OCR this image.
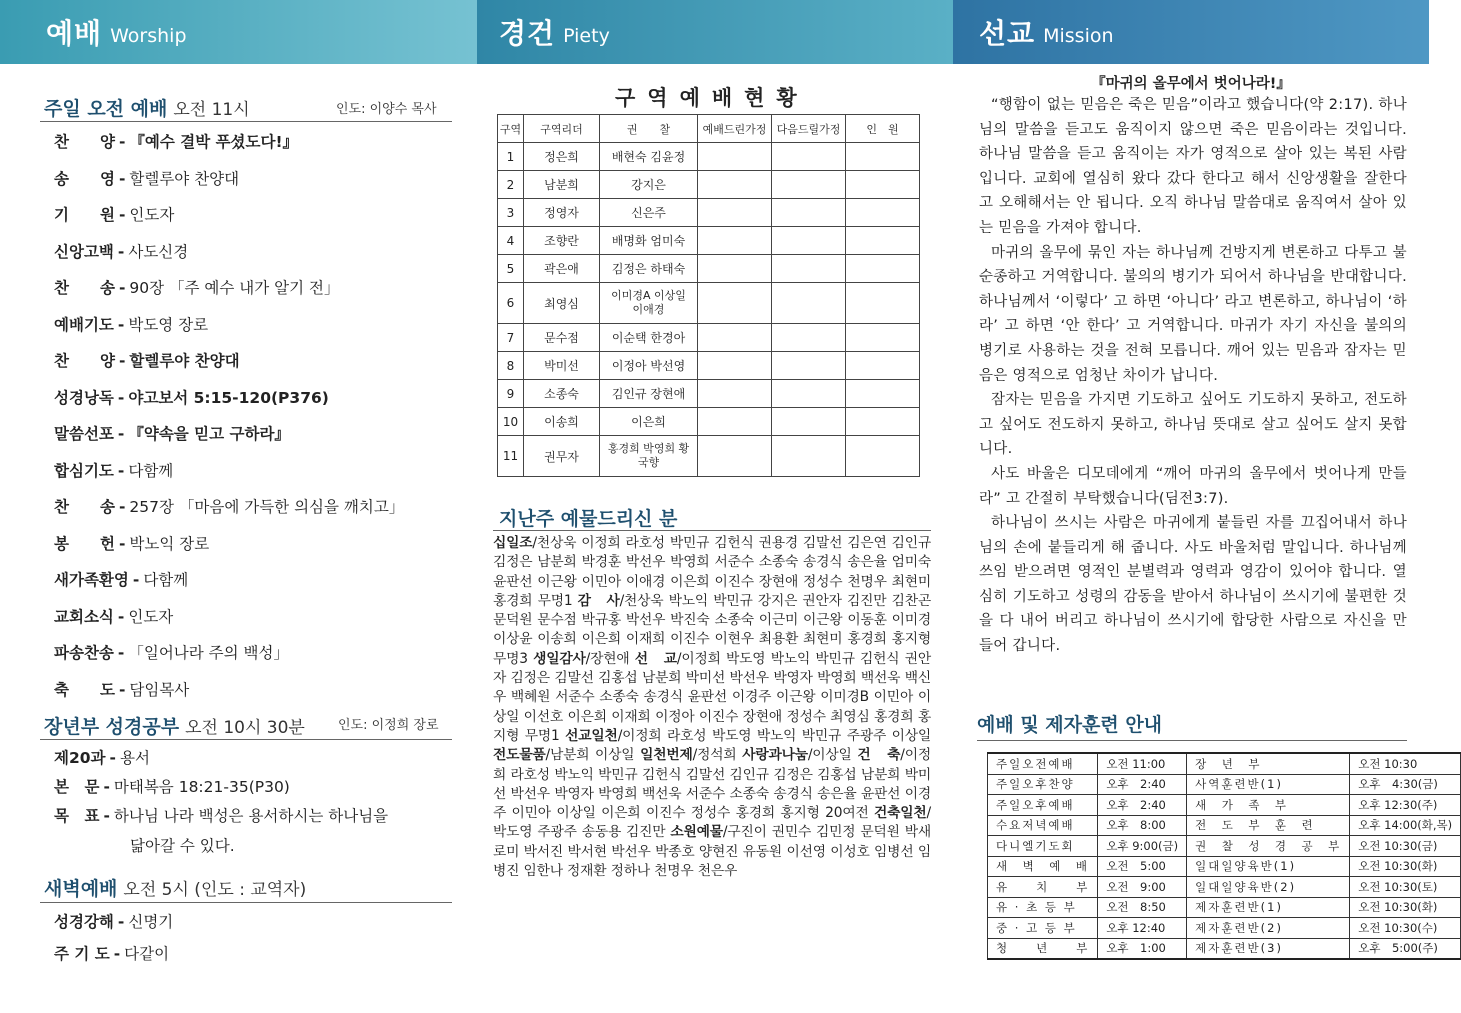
예배 Worship	경건 Piety	선교 Mission
주일 오전 예배 오전 11시	인도: 이양수 목사
찬　　양 - 『예수 결박 푸셨도다!』
송　　영 - 할렐루야 찬양대
기　　원 - 인도자
신앙고백 - 사도신경
찬　　송 - 90장 「주 예수 내가 알기 전」
예배기도 - 박도영 장로
찬　　양 - 할렐루야 찬양대
성경낭독 - 야고보서 5:15-120(P376)
말씀선포 - 『약속을 믿고 구하라』
합심기도 - 다함께
찬　　송 - 257장 「마음에 가득한 의심을 깨치고」
봉　　헌 - 박노익 장로
새가족환영 - 다함께
교회소식 - 인도자
파송찬송 - 「일어나라 주의 백성」
축　　도 - 담임목사
장년부 성경공부 오전 10시 30분	인도: 이정희 장로
제20과 - 용서
본　문 - 마태복음 18:21-35(P30)
목　표 - 하나님 나라 백성은 용서하시는 하나님을
닮아갈 수 있다.
새벽예배 오전 5시 (인도 : 교역자)
성경강해 - 신명기
주 기 도 - 다같이
구역예배현황
구역	구역리더	권　　찰	예배드린가정	다음드릴가정	인　원
1	정은희	배현숙 김윤정			
2	남분희	강지은			
3	정영자	신은주			
4	조향란	배명화 엄미숙			
5	곽은애	김정은 하태숙			
6	최영심	이미경A 이상일 이애경			
7	문수점	이순택 한경아			
8	박미선	이정아 박선영			
9	소종숙	김인규 장현애			
10	이송희	이은희			
11	권무자	홍경희 박영희 황국향			
지난주 예물드리신 분
십일조/천상욱 이정희 라호성 박민규 김헌식 권용경 김말선 김은연 김인규 김정은 남분희 박경훈 박선우 박영희 서준수 소종숙 송경식 송은율 엄미숙 윤판선 이근왕 이민아 이애경 이은희 이진수 장현애 정성수 천명우 최현미 홍경희 무명1 감　사/천상욱 박노익 박민규 강지은 권안자 김진만 김찬곤 문덕원 문수점 박규홍 박선우 박진숙 소종숙 이근미 이근왕 이동훈 이미경 이상윤 이송희 이은희 이재희 이진수 이현우 최용환 최현미 홍경희 홍지형 무명3 생일감사/장현애 선　교/이정희 박도영 박노익 박민규 김헌식 권안자 김정은 김말선 김홍섭 남분희 박미선 박선우 박영자 박영희 백선욱 백신우 백혜원 서준수 소종숙 송경식 윤판선 이경주 이근왕 이미경B 이민아 이상일 이선호 이은희 이재희 이정아 이진수 장현애 정성수 최영심 홍경희 홍지형 무명1 선교일천/이정희 라호성 박도영 박노익 박민규 주광주 이상일 전도물품/남분희 이상일 일천번제/정석희 사랑과나눔/이상일 건　축/이정희 라호성 박노익 박민규 김헌식 김말선 김인규 김정은 김홍섭 남분희 박미선 박선우 박영자 박영희 백선욱 서준수 소종숙 송경식 송은율 윤판선 이경주 이민아 이상일 이은희 이진수 정성수 홍경희 홍지형 20여전 건축일천/박도영 주광주 송동용 김진만 소원예물/구진이 권민수 김민정 문덕원 박새로미 박서진 박서현 박선우 박종호 양현진 유동원 이선영 이성호 임병선 임병진 임한나 정재환 정하나 천명우 천은우
『마귀의 올무에서 벗어나라!』

“행함이 없는 믿음은 죽은 믿음”이라고 했습니다(약 2:17). 하나님의 말씀을 듣고도 움직이지 않으면 죽은 믿음이라는 것입니다. 하나님 말씀을 듣고 움직이는 자가 영적으로 살아 있는 복된 사람입니다. 교회에 열심히 왔다 갔다 한다고 해서 신앙생활을 잘한다고 오해해서는 안 됩니다. 오직 하나님 말씀대로 움직여서 살아 있는 믿음을 가져야 합니다.

마귀의 올무에 묶인 자는 하나님께 건방지게 변론하고 다투고 불순종하고 거역합니다. 불의의 병기가 되어서 하나님을 반대합니다. 하나님께서 ‘이렇다’ 고 하면 ‘아니다’ 라고 변론하고, 하나님이 ‘하라’ 고 하면 ‘안 한다’ 고 거역합니다. 마귀가 자기 자신을 불의의 병기로 사용하는 것을 전혀 모릅니다. 깨어 있는 믿음과 잠자는 믿음은 영적으로 엄청난 차이가 납니다.

잠자는 믿음을 가지면 기도하고 싶어도 기도하지 못하고, 전도하고 싶어도 전도하지 못하고, 하나님 뜻대로 살고 싶어도 살지 못합니다.

사도 바울은 디모데에게 “깨어 마귀의 올무에서 벗어나게 만들라” 고 간절히 부탁했습니다(딤전3:7).

하나님이 쓰시는 사람은 마귀에게 붙들린 자를 끄집어내서 하나님의 손에 붙들리게 해 줍니다. 사도 바울처럼 말입니다. 하나님께 쓰임 받으려면 영적인 분별력과 영력과 영감이 있어야 합니다. 열심히 기도하고 성령의 감동을 받아서 하나님이 쓰시기에 불편한 것을 다 내어 버리고 하나님이 쓰시기에 합당한 사람으로 자신을 만들어 갑니다.

예배 및 제자훈련 안내
주일오전예배	오전 11:00	장　년　부	오전 10:30
주일오후찬양	오후　2:40	사역훈련반(1)	오후　4:30(금)
주일오후예배	오후　2:40	새　가　족　부	오후 12:30(주)
수요저녁예배	오후　8:00	전　도　부　훈　련	오후 14:00(화,목)
다니엘기도회	오후 9:00(금)	권　찰　성　경　공　부	오전 10:30(금)
새　벽　예　배	오전　5:00	일대일양육반(1)	오전 10:30(화)
유　　치　　부	오전　9:00	일대일양육반(2)	오전 10:30(토)
유 · 초 등 부	오전　8:50	제자훈련반(1)	오전 10:30(화)
중 · 고 등 부	오후 12:40	제자훈련반(2)	오전 10:30(수)
청　　년　　부	오후　1:00	제자훈련반(3)	오후　5:00(주)
